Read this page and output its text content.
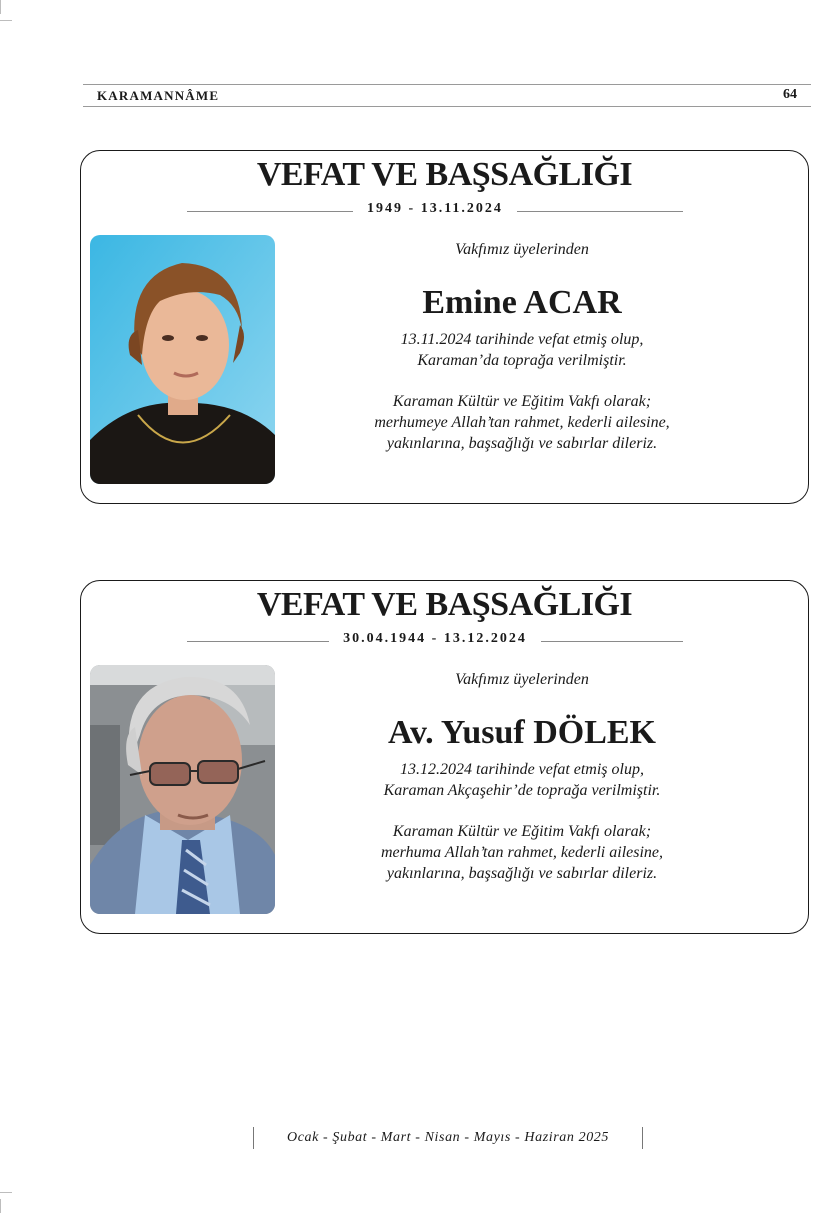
KARAMANNÂME	64
VEFAT VE BAŞSAĞLIĞI
1949 - 13.11.2024

Vakfımız üyelerinden

Emine ACAR

13.11.2024 tarihinde vefat etmiş olup,
Karaman’da toprağa verilmiştir.

Karaman Kültür ve Eğitim Vakfı olarak;
merhumeye Allah’tan rahmet, kederli ailesine,
yakınlarına, başsağlığı ve sabırlar dileriz.

VEFAT VE BAŞSAĞLIĞI
30.04.1944 - 13.12.2024

Vakfımız üyelerinden

Av. Yusuf DÖLEK

13.12.2024 tarihinde vefat etmiş olup,
Karaman Akçaşehir’de toprağa verilmiştir.

Karaman Kültür ve Eğitim Vakfı olarak;
merhuma Allah’tan rahmet, kederli ailesine,
yakınlarına, başsağlığı ve sabırlar dileriz.

Ocak - Şubat - Mart - Nisan - Mayıs - Haziran 2025
